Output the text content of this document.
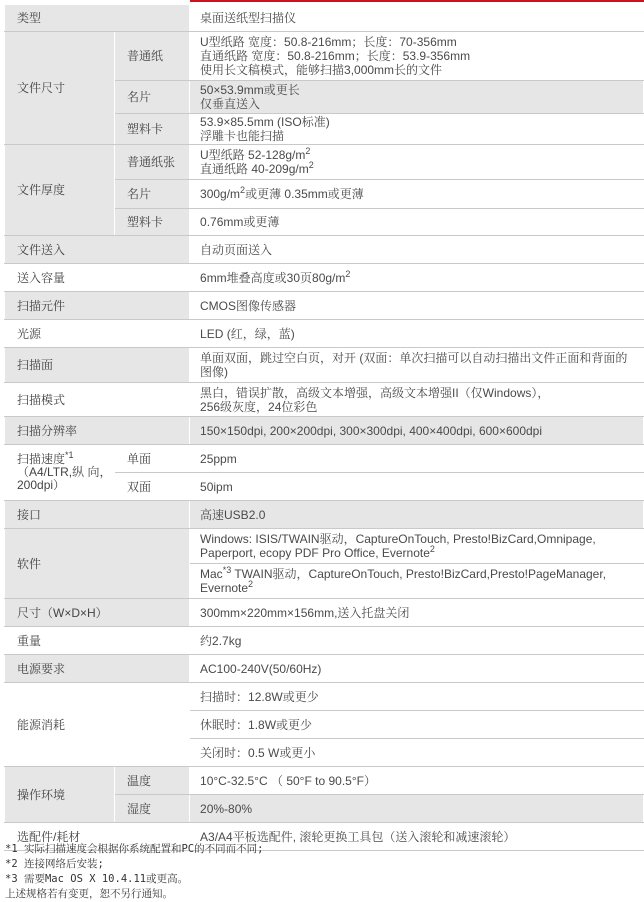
类型		桌面送纸型扫描仪
文件尺寸	普通纸	U型纸路 宽度：50.8-216mm；长度：70-356mm
直通纸路 宽度：50.8-216mm；长度：53.9-356mm
使用长文稿模式，能够扫描3,000mm长的文件

	名片	50×53.9mm或更长
仅垂直送入

	塑料卡	53.9×85.5mm (ISO标准)
浮雕卡也能扫描

文件厚度	普通纸张	U型纸路 $52-128g/m^2$
直通纸路 $40-209g/m^2$

	名片	$300g/m^2$或更薄 0.35mm或更薄
	塑料卡	0.76mm或更薄
文件送入		自动页面送入
送入容量		6mm堆叠高度或30页$80g/m^2$
扫描元件		CMOS图像传感器
光源		LED (红，绿，蓝)
扫描面		单面双面，跳过空白页，对开 (双面：单次扫描可以自动扫描出文件正面和背面的
图像)

扫描模式		黑白，错误扩散，高级文本增强，高级文本增强II（仅Windows），
256级灰度，24位彩色

扫描分辨率		150×150dpi, 200×200dpi, 300×300dpi, 400×400dpi, 600×600dpi
扫描速度$^{*1}$ （A4/LTR,纵 向，200dpi）	单面	25ppm
	双面	50ipm
接口		高速USB2.0
软件		Windows: ISIS/TWAIN驱动，CaptureOnTouch, Presto!BizCard,Omnipage,
Paperport, ecopy PDF Pro Office, Evernote$^2$

		Mac$^{*3}$ TWAIN驱动，CaptureOnTouch, Presto!BizCard,Presto!PageManager,
Evernote$^2$

尺寸（W×D×H）		300mm×220mm×156mm,送入托盘关闭
重量		约2.7kg
电源要求		AC100-240V(50/60Hz)
能源消耗		扫描时：12.8W或更少
		休眠时：1.8W或更少
		关闭时：0.5 W或更小
操作环境	温度	10°C-32.5°C （ 50°F to 90.5°F）
	湿度	20%-80%
选配件/耗材		A3/A4平板选配件, 滚轮更换工具包（送入滚轮和减速滚轮）
*1 实际扫描速度会根据你系统配置和PC的不同而不同;
*2 连接网络后安装;
*3 需要Mac OS X 10.4.11或更高。
上述规格若有变更，恕不另行通知。
